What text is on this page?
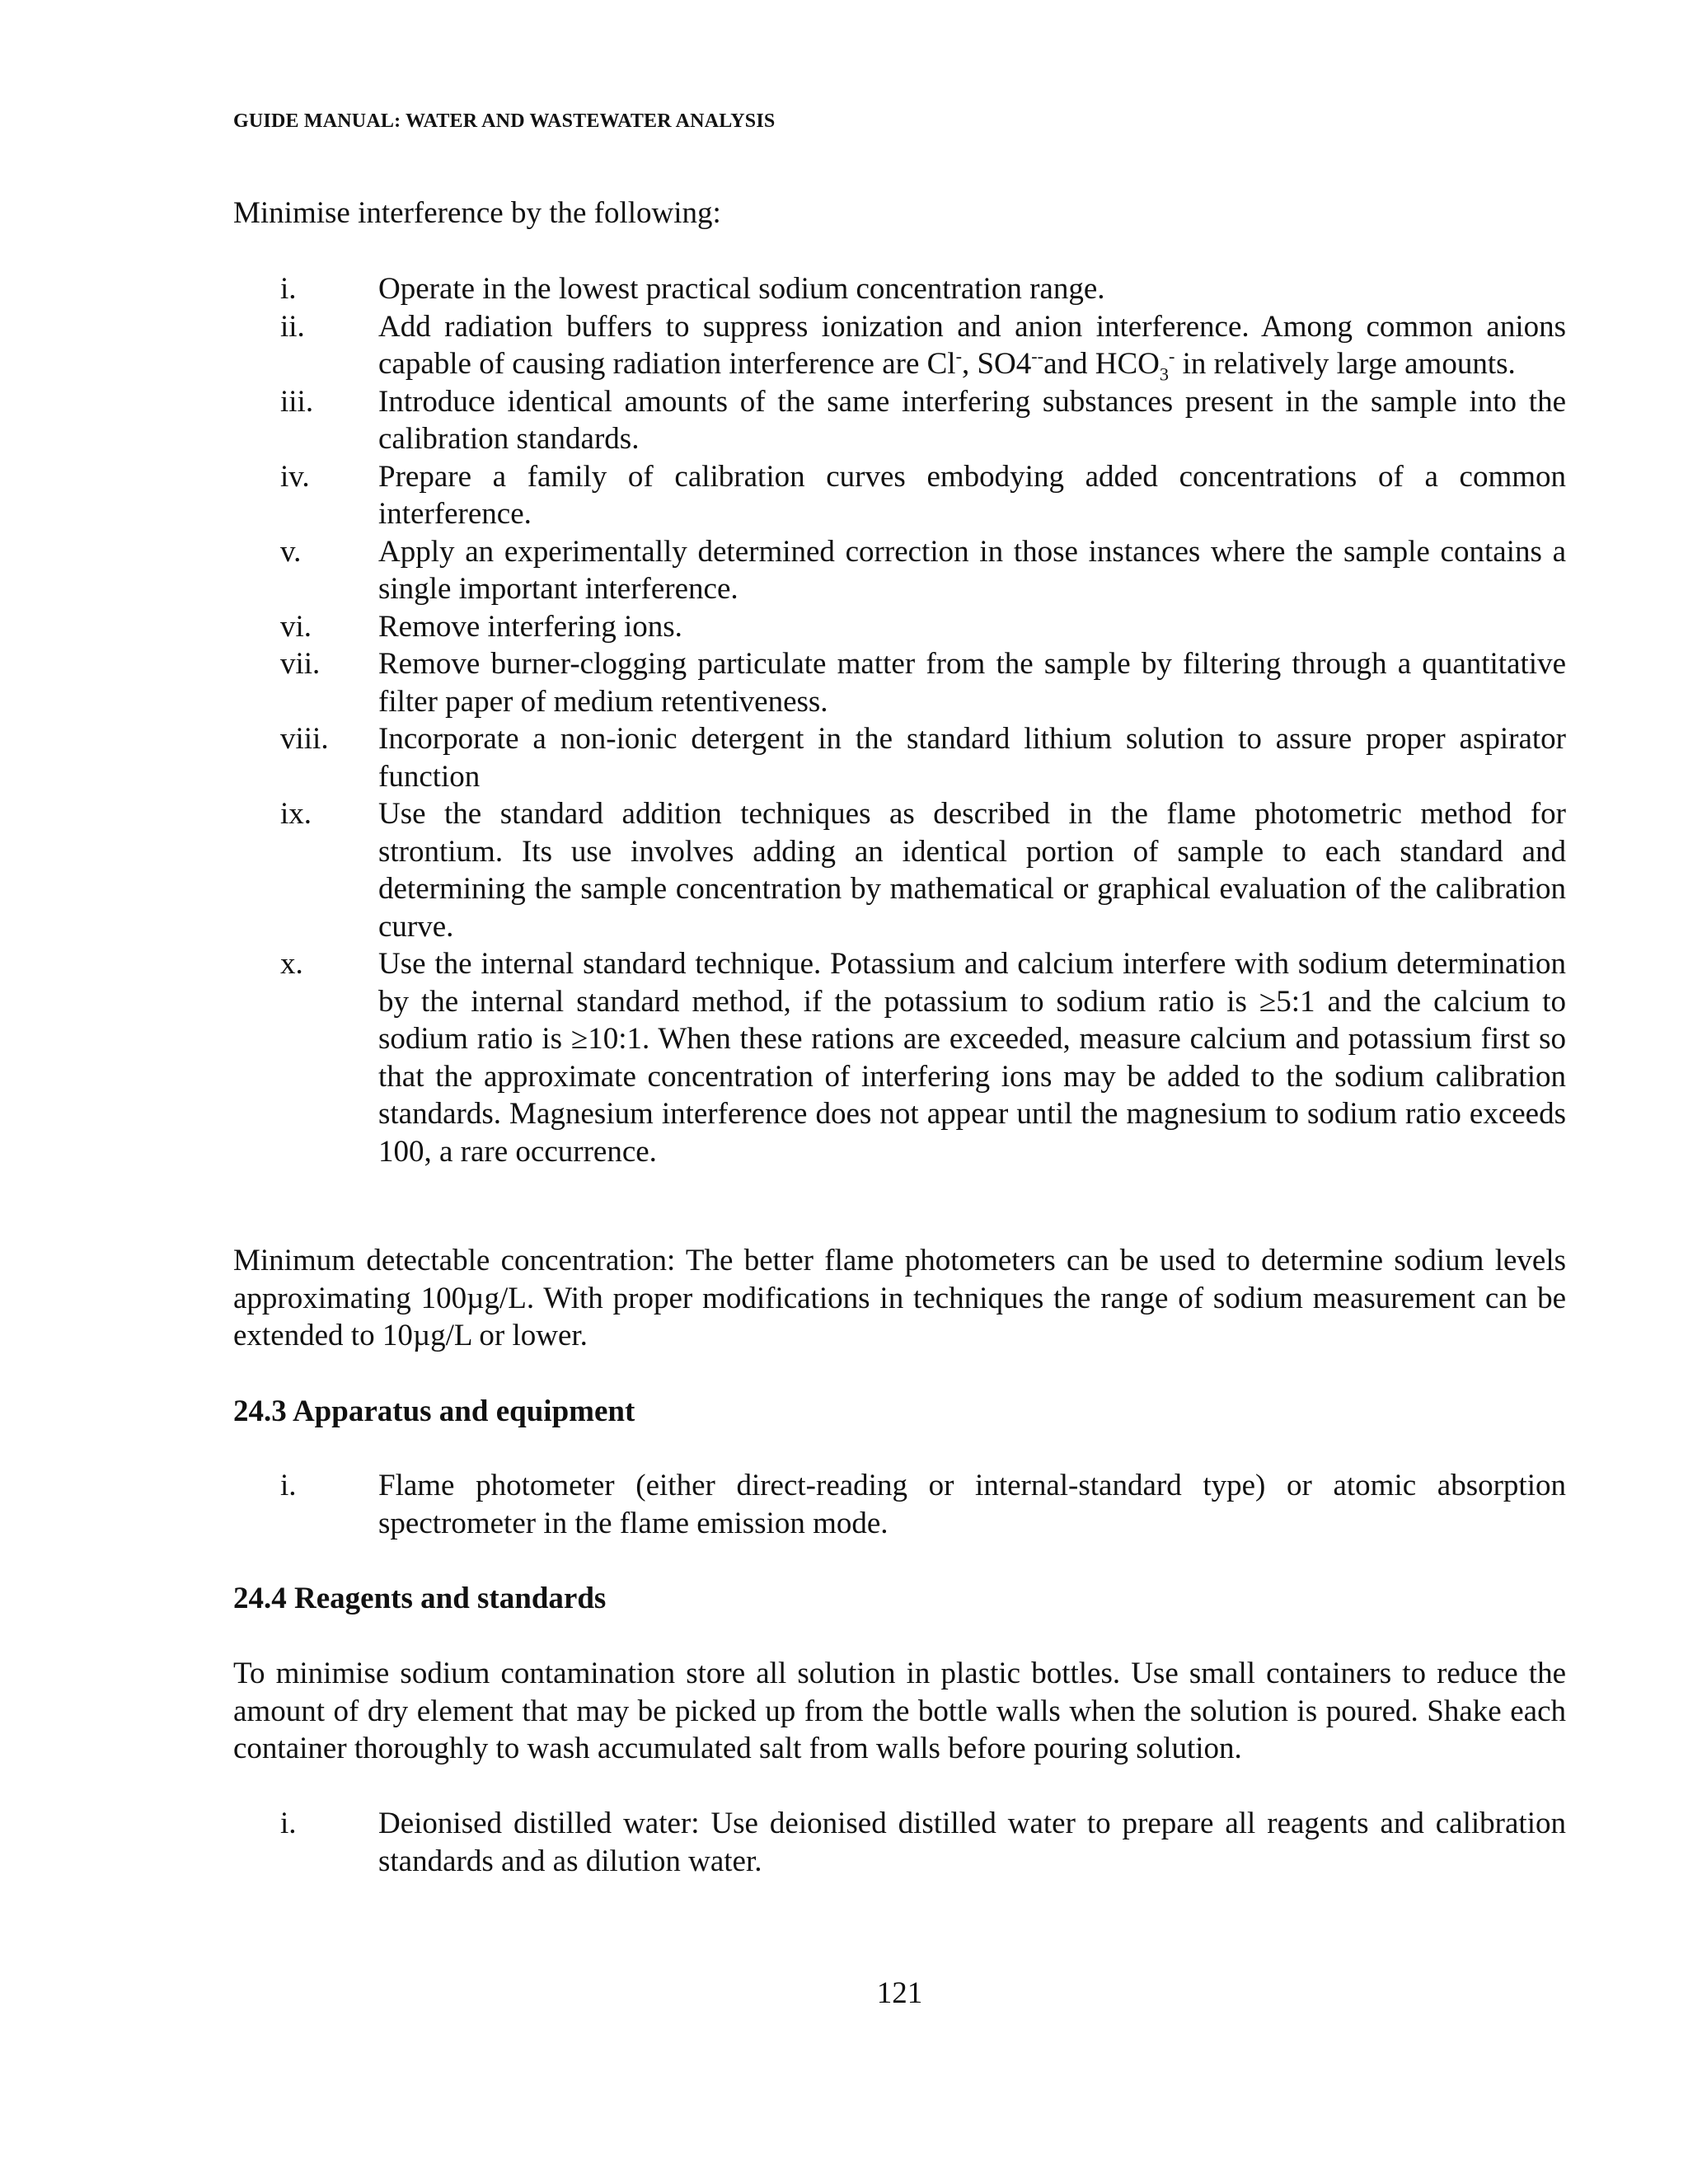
GUIDE MANUAL: WATER AND WASTEWATER ANALYSIS

Minimise interference by the following:

i.	Operate in the lowest practical sodium concentration range.
ii.	Add radiation buffers to suppress ionization and anion interference. Among common anions capable of causing radiation interference are Cl-, SO4--and $HCO_3^-$ in relatively large amounts.
iii.	Introduce identical amounts of the same interfering substances present in the sample into the calibration standards.
iv.	Prepare a family of calibration curves embodying added concentrations of a common interference.
v.	Apply an experimentally determined correction in those instances where the sample contains a single important interference.
vi.	Remove interfering ions.
vii.	Remove burner-clogging particulate matter from the sample by filtering through a quantitative filter paper of medium retentiveness.
viii.	Incorporate a non-ionic detergent in the standard lithium solution to assure proper aspirator function
ix.	Use the standard addition techniques as described in the flame photometric method for strontium. Its use involves adding an identical portion of sample to each standard and determining the sample concentration by mathematical or graphical evaluation of the calibration curve.
x.	Use the internal standard technique. Potassium and calcium interfere with sodium determination by the internal standard method, if the potassium to sodium ratio is ≥5:1 and the calcium to sodium ratio is ≥10:1. When these rations are exceeded, measure calcium and potassium first so that the approximate concentration of interfering ions may be added to the sodium calibration standards. Magnesium interference does not appear until the magnesium to sodium ratio exceeds 100, a rare occurrence.

Minimum detectable concentration: The better flame photometers can be used to determine sodium levels approximating 100µg/L. With proper modifications in techniques the range of sodium measurement can be extended to 10µg/L or lower.

24.3 Apparatus and equipment
i.	Flame photometer (either direct-reading or internal-standard type) or atomic absorption spectrometer in the flame emission mode.
24.4 Reagents and standards

To minimise sodium contamination store all solution in plastic bottles. Use small containers to reduce the amount of dry element that may be picked up from the bottle walls when the solution is poured. Shake each container thoroughly to wash accumulated salt from walls before pouring solution.

i.	Deionised distilled water: Use deionised distilled water to prepare all reagents and calibration standards and as dilution water.
121
